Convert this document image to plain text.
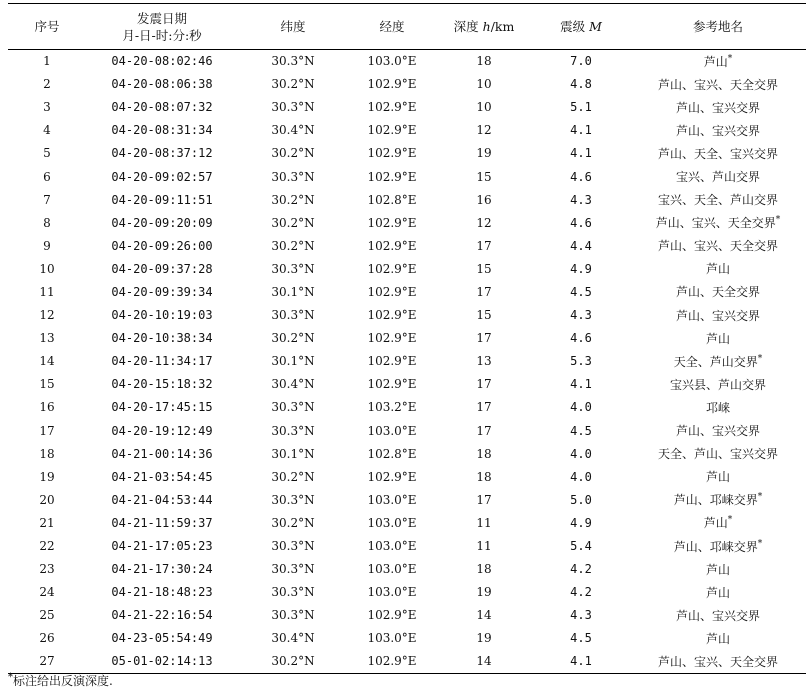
序号	发震日期
月-日-时:分:秒	纬度	经度	深度 h/km	震级 M	参考地名
1	04-20-08:02:46	30.3°N	103.0°E	18	7.0	芦山*
2	04-20-08:06:38	30.2°N	102.9°E	10	4.8	芦山、宝兴、天全交界
3	04-20-08:07:32	30.3°N	102.9°E	10	5.1	芦山、宝兴交界
4	04-20-08:31:34	30.4°N	102.9°E	12	4.1	芦山、宝兴交界
5	04-20-08:37:12	30.2°N	102.9°E	19	4.1	芦山、天全、宝兴交界
6	04-20-09:02:57	30.3°N	102.9°E	15	4.6	宝兴、芦山交界
7	04-20-09:11:51	30.2°N	102.8°E	16	4.3	宝兴、天全、芦山交界
8	04-20-09:20:09	30.2°N	102.9°E	12	4.6	芦山、宝兴、天全交界*
9	04-20-09:26:00	30.2°N	102.9°E	17	4.4	芦山、宝兴、天全交界
10	04-20-09:37:28	30.3°N	102.9°E	15	4.9	芦山
11	04-20-09:39:34	30.1°N	102.9°E	17	4.5	芦山、天全交界
12	04-20-10:19:03	30.3°N	102.9°E	15	4.3	芦山、宝兴交界
13	04-20-10:38:34	30.2°N	102.9°E	17	4.6	芦山
14	04-20-11:34:17	30.1°N	102.9°E	13	5.3	天全、芦山交界*
15	04-20-15:18:32	30.4°N	102.9°E	17	4.1	宝兴县、芦山交界
16	04-20-17:45:15	30.3°N	103.2°E	17	4.0	邛崃
17	04-20-19:12:49	30.3°N	103.0°E	17	4.5	芦山、宝兴交界
18	04-21-00:14:36	30.1°N	102.8°E	18	4.0	天全、芦山、宝兴交界
19	04-21-03:54:45	30.2°N	102.9°E	18	4.0	芦山
20	04-21-04:53:44	30.3°N	103.0°E	17	5.0	芦山、邛崃交界*
21	04-21-11:59:37	30.2°N	103.0°E	11	4.9	芦山*
22	04-21-17:05:23	30.3°N	103.0°E	11	5.4	芦山、邛崃交界*
23	04-21-17:30:24	30.3°N	103.0°E	18	4.2	芦山
24	04-21-18:48:23	30.3°N	103.0°E	19	4.2	芦山
25	04-21-22:16:54	30.3°N	102.9°E	14	4.3	芦山、宝兴交界
26	04-23-05:54:49	30.4°N	103.0°E	19	4.5	芦山
27	05-01-02:14:13	30.2°N	102.9°E	14	4.1	芦山、宝兴、天全交界
*标注给出反演深度.
